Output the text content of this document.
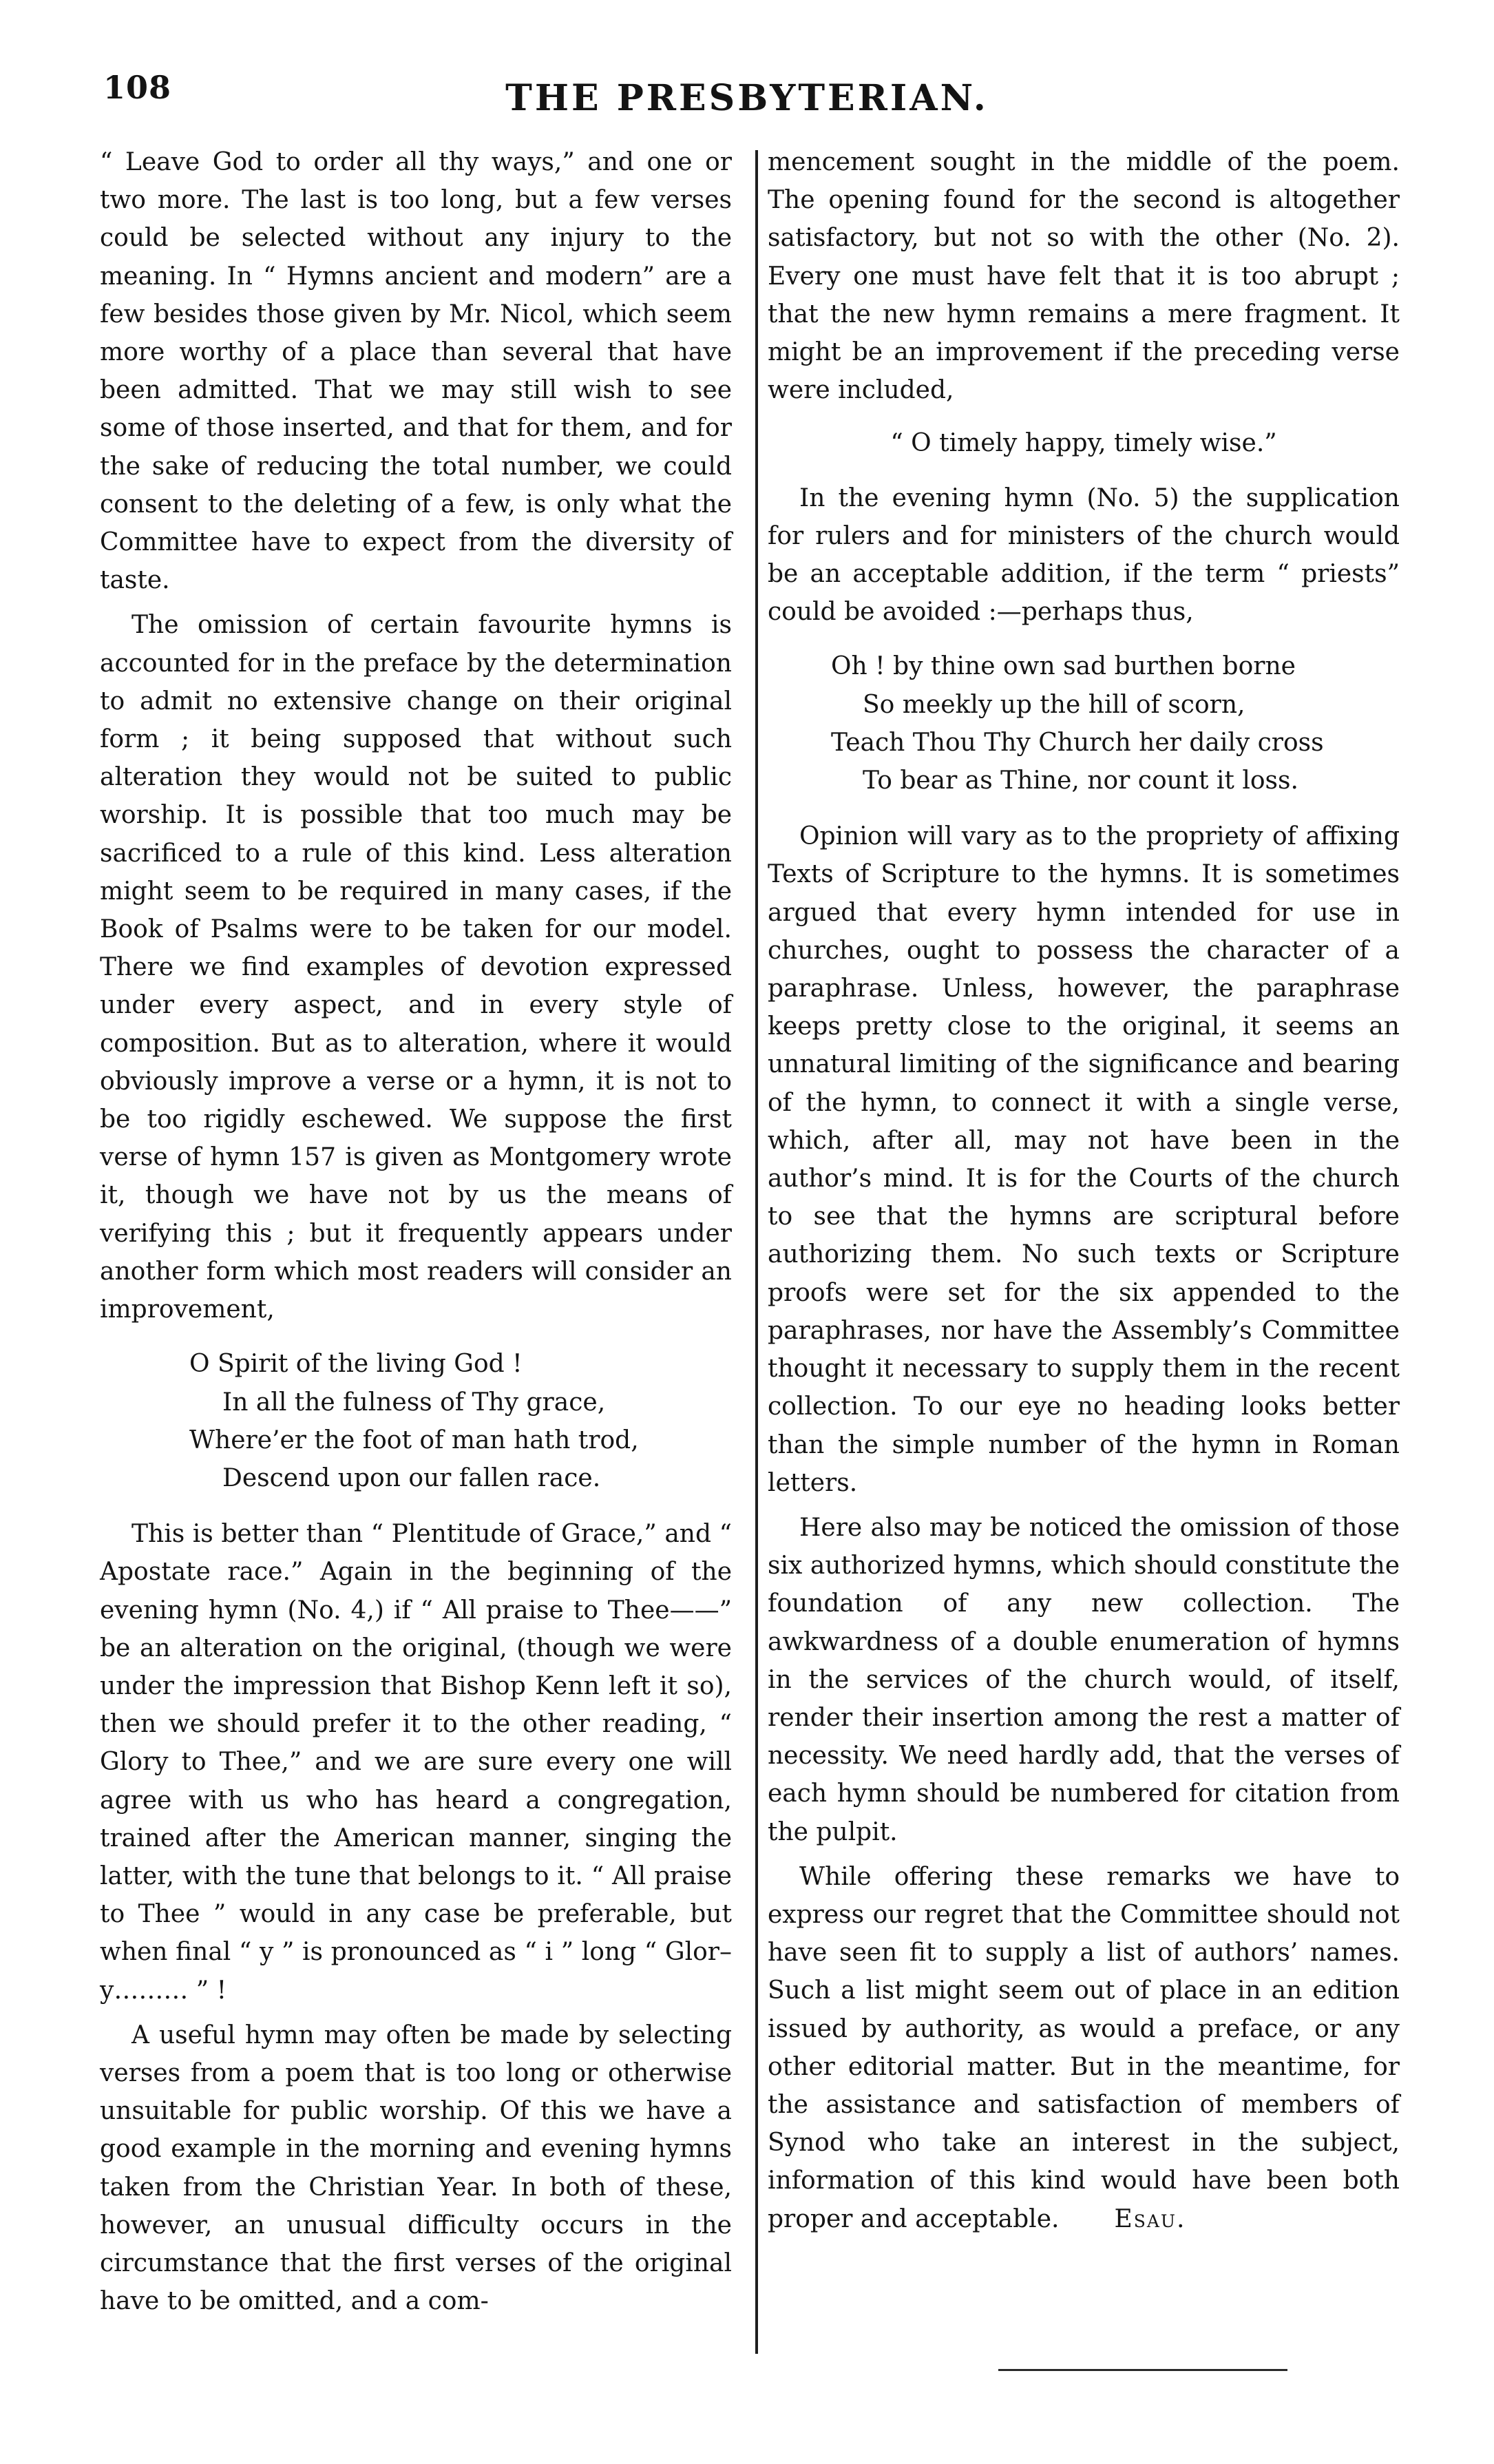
108	THE PRESBYTERIAN.

“ Leave God to order all thy ways,” and one or two more. The last is too long, but a few verses could be selected without any injury to the meaning. In “ Hymns ancient and modern” are a few besides those given by Mr. Nicol, which seem more worthy of a place than several that have been admitted. That we may still wish to see some of those inserted, and that for them, and for the sake of reducing the total number, we could consent to the deleting of a few, is only what the Committee have to expect from the diversity of taste.

The omission of certain favourite hymns is accounted for in the preface by the determination to admit no extensive change on their original form ; it being supposed that without such alteration they would not be suited to public worship. It is possible that too much may be sacrificed to a rule of this kind. Less alteration might seem to be required in many cases, if the Book of Psalms were to be taken for our model. There we find examples of devotion expressed under every aspect, and in every style of composition. But as to alteration, where it would obviously improve a verse or a hymn, it is not to be too rigidly eschewed. We suppose the first verse of hymn 157 is given as Montgomery wrote it, though we have not by us the means of verifying this ; but it frequently appears under another form which most readers will consider an improvement,

O Spirit of the living God !
In all the fulness of Thy grace,
Where’er the foot of man hath trod,
Descend upon our fallen race.

This is better than “ Plentitude of Grace,” and “ Apostate race.” Again in the beginning of the evening hymn (No. 4,) if “ All praise to Thee——” be an alteration on the original, (though we were under the impression that Bishop Kenn left it so), then we should prefer it to the other reading, “ Glory to Thee,” and we are sure every one will agree with us who has heard a congregation, trained after the American manner, singing the latter, with the tune that belongs to it. “ All praise to Thee ” would in any case be preferable, but when final “ y ” is pronounced as “ i ” long “ Glor–y……… ” !

A useful hymn may often be made by selecting verses from a poem that is too long or otherwise unsuitable for public worship. Of this we have a good example in the morning and evening hymns taken from the Christian Year. In both of these, however, an unusual difficulty occurs in the circumstance that the first verses of the original have to be omitted, and a com-

mencement sought in the middle of the poem. The opening found for the second is altogether satisfactory, but not so with the other (No. 2). Every one must have felt that it is too abrupt ; that the new hymn remains a mere fragment. It might be an improvement if the preceding verse were included,

“ O timely happy, timely wise.”

In the evening hymn (No. 5) the supplication for rulers and for ministers of the church would be an acceptable addition, if the term “ priests” could be avoided :—perhaps thus,

Oh ! by thine own sad burthen borne
So meekly up the hill of scorn,
Teach Thou Thy Church her daily cross
To bear as Thine, nor count it loss.

Opinion will vary as to the propriety of affixing Texts of Scripture to the hymns. It is sometimes argued that every hymn intended for use in churches, ought to possess the character of a paraphrase. Unless, however, the paraphrase keeps pretty close to the original, it seems an unnatural limiting of the significance and bearing of the hymn, to connect it with a single verse, which, after all, may not have been in the author’s mind. It is for the Courts of the church to see that the hymns are scriptural before authorizing them. No such texts or Scripture proofs were set for the six appended to the paraphrases, nor have the Assembly’s Committee thought it necessary to supply them in the recent collection. To our eye no heading looks better than the simple number of the hymn in Roman letters.

Here also may be noticed the omission of those six authorized hymns, which should constitute the foundation of any new collection. The awkwardness of a double enumeration of hymns in the services of the church would, of itself, render their insertion among the rest a matter of necessity. We need hardly add, that the verses of each hymn should be numbered for citation from the pulpit.

While offering these remarks we have to express our regret that the Committee should not have seen fit to supply a list of authors’ names. Such a list might seem out of place in an edition issued by authority, as would a preface, or any other editorial matter. But in the meantime, for the assistance and satisfaction of members of Synod who take an interest in the subject, information of this kind would have been both proper and acceptable. Esau.
